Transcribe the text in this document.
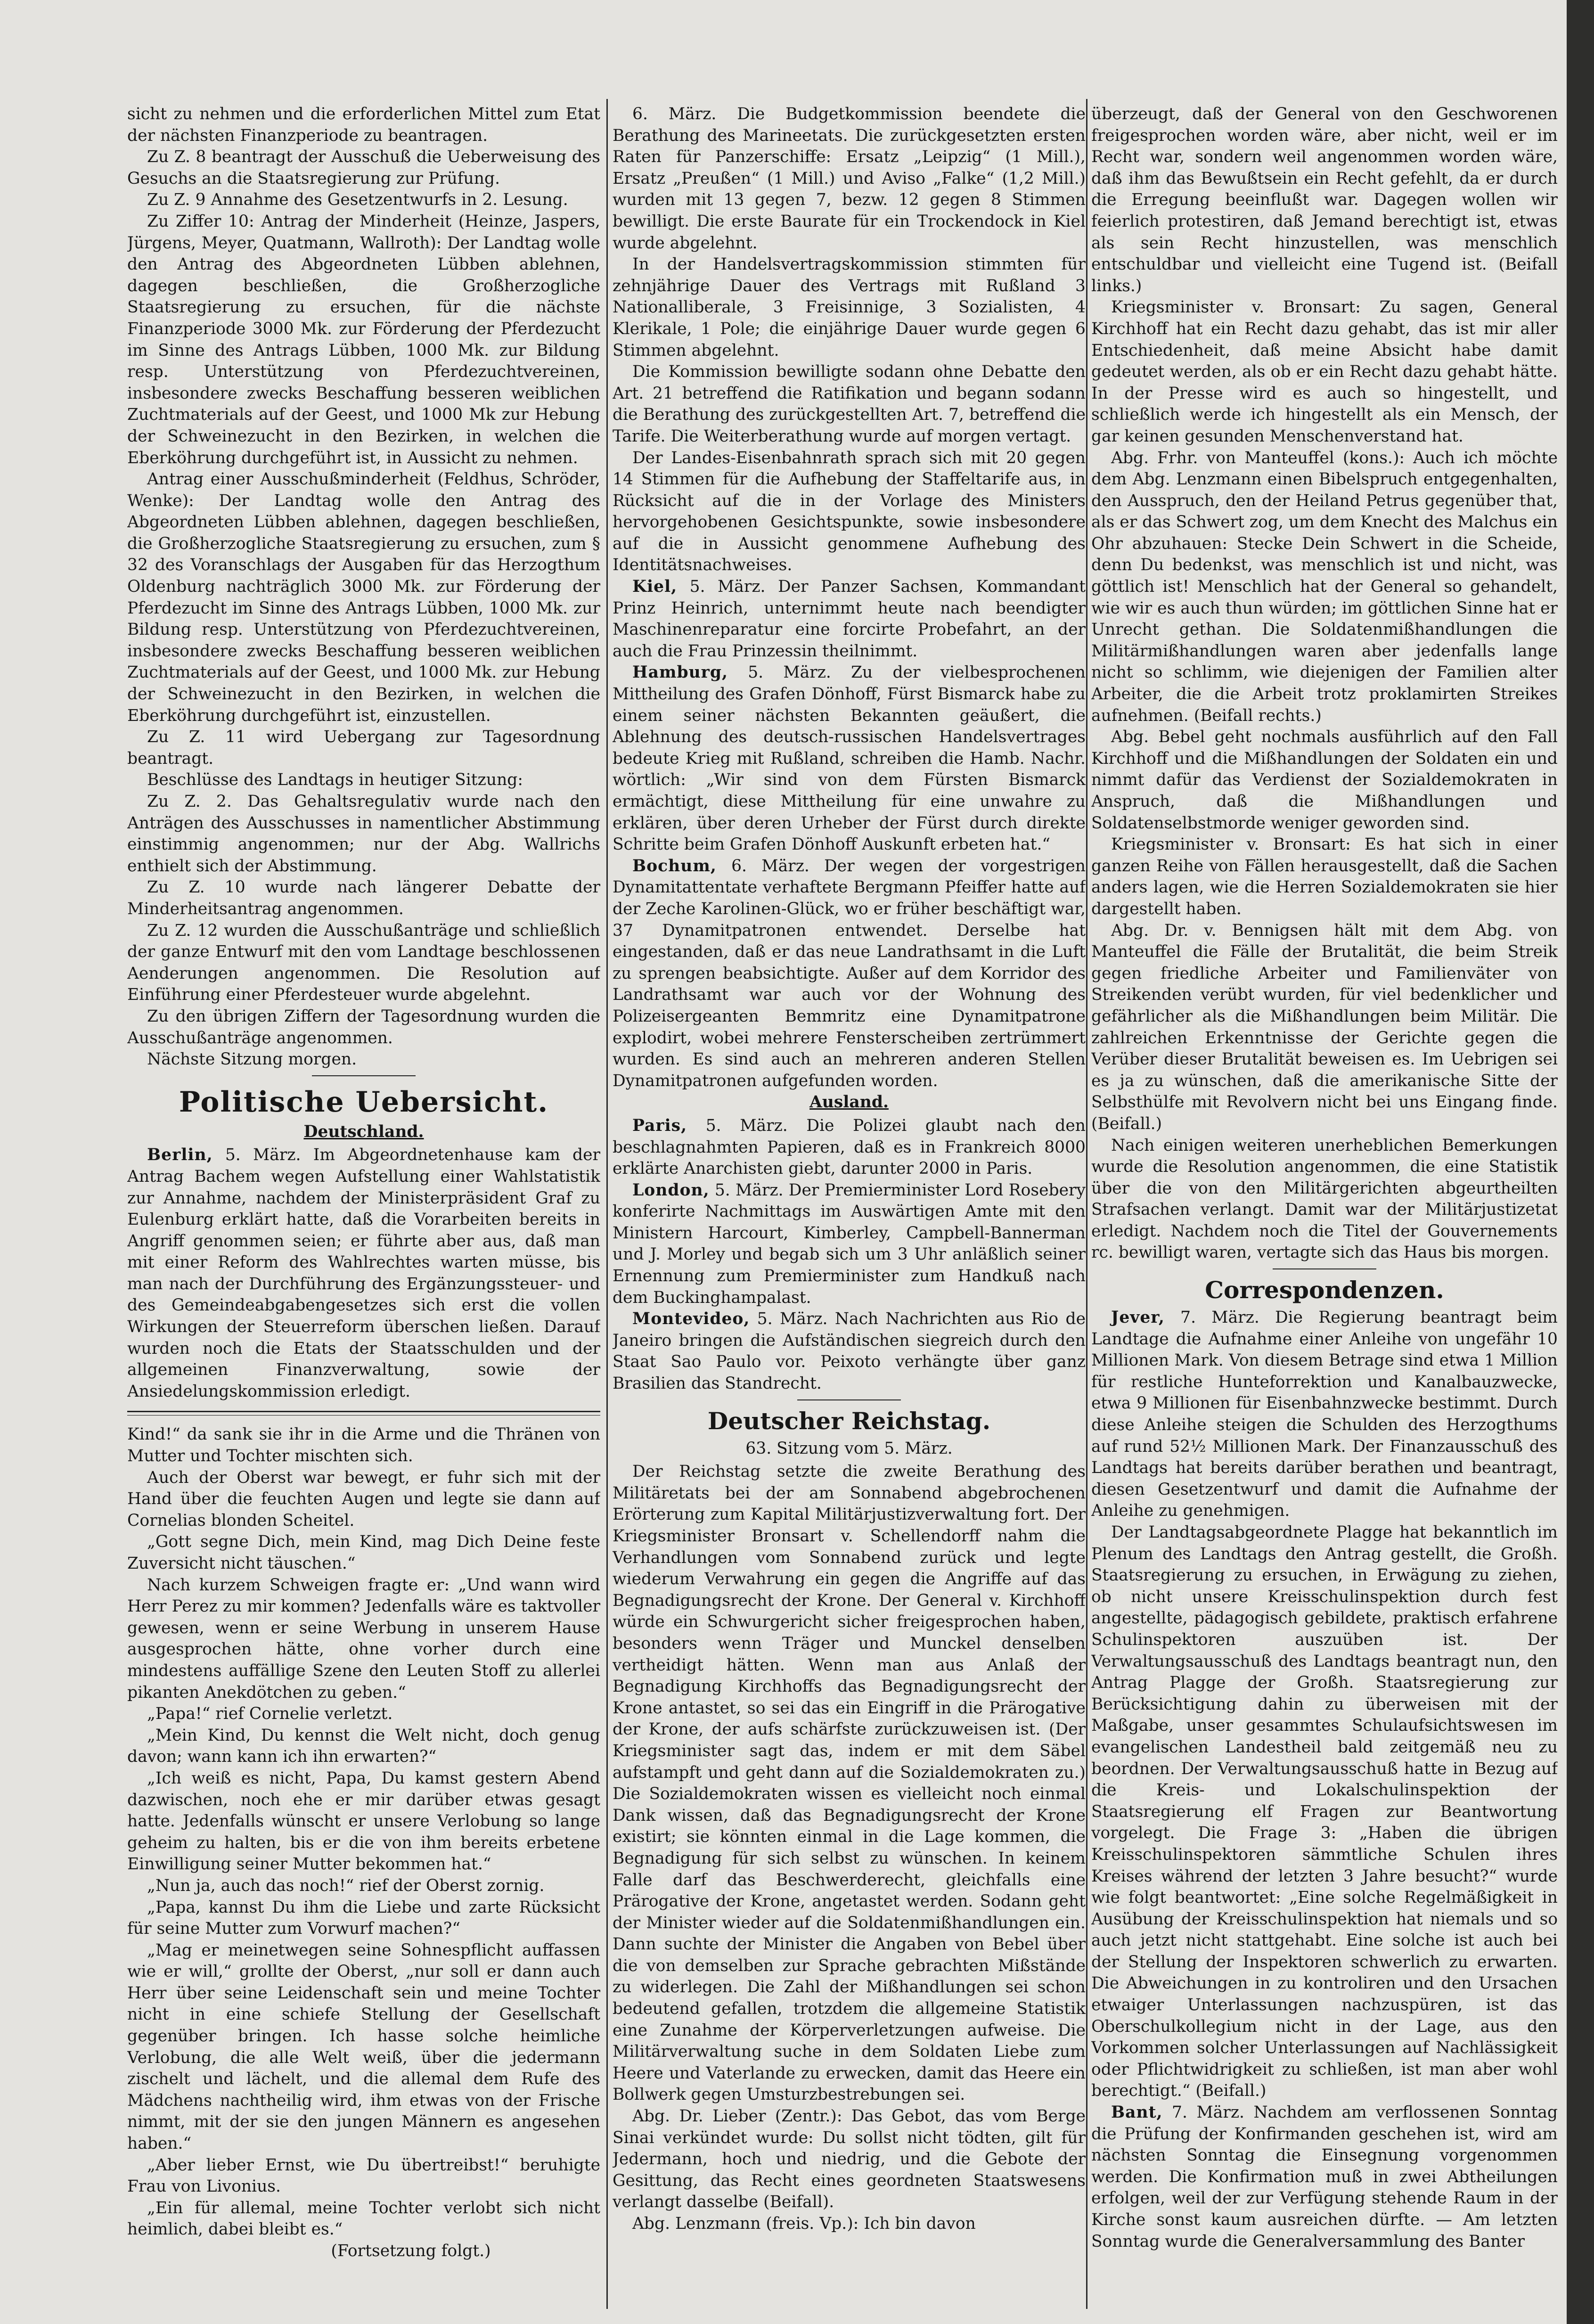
sicht zu nehmen und die erforderlichen Mittel zum Etat der nächsten Finanzperiode zu beantragen.

Zu Z. 8 beantragt der Ausschuß die Ueberweisung des Gesuchs an die Staatsregierung zur Prüfung.

Zu Z. 9 Annahme des Gesetzentwurfs in 2. Lesung.

Zu Ziffer 10: Antrag der Minderheit (Heinze, Jaspers, Jürgens, Meyer, Quatmann, Wallroth): Der Landtag wolle den Antrag des Abgeordneten Lübben ablehnen, dagegen beschließen, die Großherzogliche Staatsregierung zu ersuchen, für die nächste Finanzperiode 3000 Mk. zur Förderung der Pferdezucht im Sinne des Antrags Lübben, 1000 Mk. zur Bildung resp. Unterstützung von Pferdezuchtvereinen, insbesondere zwecks Beschaffung besseren weiblichen Zuchtmaterials auf der Geest, und 1000 Mk zur Hebung der Schweinezucht in den Bezirken, in welchen die Eberköhrung durchgeführt ist, in Aussicht zu nehmen.

Antrag einer Ausschußminderheit (Feldhus, Schröder, Wenke): Der Landtag wolle den Antrag des Abgeordneten Lübben ablehnen, dagegen beschließen, die Großherzogliche Staatsregierung zu ersuchen, zum § 32 des Voranschlags der Ausgaben für das Herzogthum Oldenburg nachträglich 3000 Mk. zur Förderung der Pferdezucht im Sinne des Antrags Lübben, 1000 Mk. zur Bildung resp. Unterstützung von Pferdezuchtvereinen, insbesondere zwecks Beschaffung besseren weiblichen Zuchtmaterials auf der Geest, und 1000 Mk. zur Hebung der Schweinezucht in den Bezirken, in welchen die Eberköhrung durchgeführt ist, einzustellen.

Zu Z. 11 wird Uebergang zur Tagesordnung beantragt.

Beschlüsse des Landtags in heutiger Sitzung:

Zu Z. 2. Das Gehaltsregulativ wurde nach den Anträgen des Ausschusses in namentlicher Abstimmung einstimmig angenommen; nur der Abg. Wallrichs enthielt sich der Abstimmung.

Zu Z. 10 wurde nach längerer Debatte der Minderheitsantrag angenommen.

Zu Z. 12 wurden die Ausschußanträge und schließlich der ganze Entwurf mit den vom Landtage beschlossenen Aenderungen angenommen. Die Resolution auf Einführung einer Pferdesteuer wurde abgelehnt.

Zu den übrigen Ziffern der Tagesordnung wurden die Ausschußanträge angenommen.

Nächste Sitzung morgen.

Politische Uebersicht.
Deutschland.

Berlin, 5. März. Im Abgeordnetenhause kam der Antrag Bachem wegen Aufstellung einer Wahlstatistik zur Annahme, nachdem der Ministerpräsident Graf zu Eulenburg erklärt hatte, daß die Vorarbeiten bereits in Angriff genommen seien; er führte aber aus, daß man mit einer Reform des Wahlrechtes warten müsse, bis man nach der Durchführung des Ergänzungssteuer- und des Gemeindeabgabengesetzes sich erst die vollen Wirkungen der Steuerreform überschen ließen. Darauf wurden noch die Etats der Staatsschulden und der allgemeinen Finanzverwaltung, sowie der Ansiedelungskommission erledigt.

Kind!“ da sank sie ihr in die Arme und die Thränen von Mutter und Tochter mischten sich.

Auch der Oberst war bewegt, er fuhr sich mit der Hand über die feuchten Augen und legte sie dann auf Cornelias blonden Scheitel.

„Gott segne Dich, mein Kind, mag Dich Deine feste Zuversicht nicht täuschen.“

Nach kurzem Schweigen fragte er: „Und wann wird Herr Perez zu mir kommen? Jedenfalls wäre es taktvoller gewesen, wenn er seine Werbung in unserem Hause ausgesprochen hätte, ohne vorher durch eine mindestens auffällige Szene den Leuten Stoff zu allerlei pikanten Anekdötchen zu geben.“

„Papa!“ rief Cornelie verletzt.

„Mein Kind, Du kennst die Welt nicht, doch genug davon; wann kann ich ihn erwarten?“

„Ich weiß es nicht, Papa, Du kamst gestern Abend dazwischen, noch ehe er mir darüber etwas gesagt hatte. Jedenfalls wünscht er unsere Verlobung so lange geheim zu halten, bis er die von ihm bereits erbetene Einwilligung seiner Mutter bekommen hat.“

„Nun ja, auch das noch!“ rief der Oberst zornig.

„Papa, kannst Du ihm die Liebe und zarte Rücksicht für seine Mutter zum Vorwurf machen?“

„Mag er meinetwegen seine Sohnespflicht auffassen wie er will,“ grollte der Oberst, „nur soll er dann auch Herr über seine Leidenschaft sein und meine Tochter nicht in eine schiefe Stellung der Gesellschaft gegenüber bringen. Ich hasse solche heimliche Verlobung, die alle Welt weiß, über die jedermann zischelt und lächelt, und die allemal dem Rufe des Mädchens nachtheilig wird, ihm etwas von der Frische nimmt, mit der sie den jungen Männern es angesehen haben.“

„Aber lieber Ernst, wie Du übertreibst!“ beruhigte Frau von Livonius.

„Ein für allemal, meine Tochter verlobt sich nicht heimlich, dabei bleibt es.“

(Fortsetzung folgt.)

6. März. Die Budgetkommission beendete die Berathung des Marineetats. Die zurückgesetzten ersten Raten für Panzerschiffe: Ersatz „Leipzig“ (1 Mill.), Ersatz „Preußen“ (1 Mill.) und Aviso „Falke“ (1,2 Mill.) wurden mit 13 gegen 7, bezw. 12 gegen 8 Stimmen bewilligt. Die erste Baurate für ein Trockendock in Kiel wurde abgelehnt.

In der Handelsvertragskommission stimmten für zehnjährige Dauer des Vertrags mit Rußland 3 Nationalliberale, 3 Freisinnige, 3 Sozialisten, 4 Klerikale, 1 Pole; die einjährige Dauer wurde gegen 6 Stimmen abgelehnt.

Die Kommission bewilligte sodann ohne Debatte den Art. 21 betreffend die Ratifikation und begann sodann die Berathung des zurückgestellten Art. 7, betreffend die Tarife. Die Weiterberathung wurde auf morgen vertagt.

Der Landes-Eisenbahnrath sprach sich mit 20 gegen 14 Stimmen für die Aufhebung der Staffeltarife aus, in Rücksicht auf die in der Vorlage des Ministers hervorgehobenen Gesichtspunkte, sowie insbesondere auf die in Aussicht genommene Aufhebung des Identitätsnachweises.

Kiel, 5. März. Der Panzer Sachsen, Kommandant Prinz Heinrich, unternimmt heute nach beendigter Maschinenreparatur eine forcirte Probefahrt, an der auch die Frau Prinzessin theilnimmt.

Hamburg, 5. März. Zu der vielbesprochenen Mittheilung des Grafen Dönhoff, Fürst Bismarck habe zu einem seiner nächsten Bekannten geäußert, die Ablehnung des deutsch-russischen Handelsvertrages bedeute Krieg mit Rußland, schreiben die Hamb. Nachr. wörtlich: „Wir sind von dem Fürsten Bismarck ermächtigt, diese Mittheilung für eine unwahre zu erklären, über deren Urheber der Fürst durch direkte Schritte beim Grafen Dönhoff Auskunft erbeten hat.“

Bochum, 6. März. Der wegen der vorgestrigen Dynamitattentate verhaftete Bergmann Pfeiffer hatte auf der Zeche Karolinen-Glück, wo er früher beschäftigt war, 37 Dynamitpatronen entwendet. Derselbe hat eingestanden, daß er das neue Landrathsamt in die Luft zu sprengen beabsichtigte. Außer auf dem Korridor des Landrathsamt war auch vor der Wohnung des Polizeisergeanten Bemmritz eine Dynamitpatrone explodirt, wobei mehrere Fensterscheiben zertrümmert wurden. Es sind auch an mehreren anderen Stellen Dynamitpatronen aufgefunden worden.

Ausland.

Paris, 5. März. Die Polizei glaubt nach den beschlagnahmten Papieren, daß es in Frankreich 8000 erklärte Anarchisten giebt, darunter 2000 in Paris.

London, 5. März. Der Premierminister Lord Rosebery konferirte Nachmittags im Auswärtigen Amte mit den Ministern Harcourt, Kimberley, Campbell-Bannerman und J. Morley und begab sich um 3 Uhr anläßlich seiner Ernennung zum Premierminister zum Handkuß nach dem Buckinghampalast.

Montevideo, 5. März. Nach Nachrichten aus Rio de Janeiro bringen die Aufständischen siegreich durch den Staat Sao Paulo vor. Peixoto verhängte über ganz Brasilien das Standrecht.

Deutscher Reichstag.
63. Sitzung vom 5. März.

Der Reichstag setzte die zweite Berathung des Militäretats bei der am Sonnabend abgebrochenen Erörterung zum Kapital Militärjustizverwaltung fort. Der Kriegsminister Bronsart v. Schellendorff nahm die Verhandlungen vom Sonnabend zurück und legte wiederum Verwahrung ein gegen die Angriffe auf das Begnadigungsrecht der Krone. Der General v. Kirchhoff würde ein Schwurgericht sicher freigesprochen haben, besonders wenn Träger und Munckel denselben vertheidigt hätten. Wenn man aus Anlaß der Begnadigung Kirchhoffs das Begnadigungsrecht der Krone antastet, so sei das ein Eingriff in die Prärogative der Krone, der aufs schärfste zurückzuweisen ist. (Der Kriegsminister sagt das, indem er mit dem Säbel aufstampft und geht dann auf die Sozialdemokraten zu.) Die Sozialdemokraten wissen es vielleicht noch einmal Dank wissen, daß das Begnadigungsrecht der Krone existirt; sie könnten einmal in die Lage kommen, die Begnadigung für sich selbst zu wünschen. In keinem Falle darf das Beschwerderecht, gleichfalls eine Prärogative der Krone, angetastet werden. Sodann geht der Minister wieder auf die Soldatenmißhandlungen ein. Dann suchte der Minister die Angaben von Bebel über die von demselben zur Sprache gebrachten Mißstände zu widerlegen. Die Zahl der Mißhandlungen sei schon bedeutend gefallen, trotzdem die allgemeine Statistik eine Zunahme der Körperverletzungen aufweise. Die Militärverwaltung suche in dem Soldaten Liebe zum Heere und Vaterlande zu erwecken, damit das Heere ein Bollwerk gegen Umsturzbestrebungen sei.

Abg. Dr. Lieber (Zentr.): Das Gebot, das vom Berge Sinai verkündet wurde: Du sollst nicht tödten, gilt für Jedermann, hoch und niedrig, und die Gebote der Gesittung, das Recht eines geordneten Staatswesens verlangt dasselbe (Beifall).

Abg. Lenzmann (freis. Vp.): Ich bin davon

überzeugt, daß der General von den Geschworenen freigesprochen worden wäre, aber nicht, weil er im Recht war, sondern weil angenommen worden wäre, daß ihm das Bewußtsein ein Recht gefehlt, da er durch die Erregung beeinflußt war. Dagegen wollen wir feierlich protestiren, daß Jemand berechtigt ist, etwas als sein Recht hinzustellen, was menschlich entschuldbar und vielleicht eine Tugend ist. (Beifall links.)

Kriegsminister v. Bronsart: Zu sagen, General Kirchhoff hat ein Recht dazu gehabt, das ist mir aller Entschiedenheit, daß meine Absicht habe damit gedeutet werden, als ob er ein Recht dazu gehabt hätte. In der Presse wird es auch so hingestellt, und schließlich werde ich hingestellt als ein Mensch, der gar keinen gesunden Menschenverstand hat.

Abg. Frhr. von Manteuffel (kons.): Auch ich möchte dem Abg. Lenzmann einen Bibelspruch entgegenhalten, den Ausspruch, den der Heiland Petrus gegenüber that, als er das Schwert zog, um dem Knecht des Malchus ein Ohr abzuhauen: Stecke Dein Schwert in die Scheide, denn Du bedenkst, was menschlich ist und nicht, was göttlich ist! Menschlich hat der General so gehandelt, wie wir es auch thun würden; im göttlichen Sinne hat er Unrecht gethan. Die Soldatenmißhandlungen die Militärmißhandlungen waren aber jedenfalls lange nicht so schlimm, wie diejenigen der Familien alter Arbeiter, die die Arbeit trotz proklamirten Streikes aufnehmen. (Beifall rechts.)

Abg. Bebel geht nochmals ausführlich auf den Fall Kirchhoff und die Mißhandlungen der Soldaten ein und nimmt dafür das Verdienst der Sozialdemokraten in Anspruch, daß die Mißhandlungen und Soldatenselbstmorde weniger geworden sind.

Kriegsminister v. Bronsart: Es hat sich in einer ganzen Reihe von Fällen herausgestellt, daß die Sachen anders lagen, wie die Herren Sozialdemokraten sie hier dargestellt haben.

Abg. Dr. v. Bennigsen hält mit dem Abg. von Manteuffel die Fälle der Brutalität, die beim Streik gegen friedliche Arbeiter und Familienväter von Streikenden verübt wurden, für viel bedenklicher und gefährlicher als die Mißhandlungen beim Militär. Die zahlreichen Erkenntnisse der Gerichte gegen die Verüber dieser Brutalität beweisen es. Im Uebrigen sei es ja zu wünschen, daß die amerikanische Sitte der Selbsthülfe mit Revolvern nicht bei uns Eingang finde. (Beifall.)

Nach einigen weiteren unerheblichen Bemerkungen wurde die Resolution angenommen, die eine Statistik über die von den Militärgerichten abgeurtheilten Strafsachen verlangt. Damit war der Militärjustizetat erledigt. Nachdem noch die Titel der Gouvernements rc. bewilligt waren, vertagte sich das Haus bis morgen.

Correspondenzen.

Jever, 7. März. Die Regierung beantragt beim Landtage die Aufnahme einer Anleihe von ungefähr 10 Millionen Mark. Von diesem Betrage sind etwa 1 Million für restliche Hunteforrektion und Kanalbauzwecke, etwa 9 Millionen für Eisenbahnzwecke bestimmt. Durch diese Anleihe steigen die Schulden des Herzogthums auf rund 52½ Millionen Mark. Der Finanzausschuß des Landtags hat bereits darüber berathen und beantragt, diesen Gesetzentwurf und damit die Aufnahme der Anleihe zu genehmigen.

Der Landtagsabgeordnete Plagge hat bekanntlich im Plenum des Landtags den Antrag gestellt, die Großh. Staatsregierung zu ersuchen, in Erwägung zu ziehen, ob nicht unsere Kreisschulinspektion durch fest angestellte, pädagogisch gebildete, praktisch erfahrene Schulinspektoren auszuüben ist. Der Verwaltungsausschuß des Landtags beantragt nun, den Antrag Plagge der Großh. Staatsregierung zur Berücksichtigung dahin zu überweisen mit der Maßgabe, unser gesammtes Schulaufsichtswesen im evangelischen Landestheil bald zeitgemäß neu zu beordnen. Der Verwaltungsausschuß hatte in Bezug auf die Kreis- und Lokalschulinspektion der Staatsregierung elf Fragen zur Beantwortung vorgelegt. Die Frage 3: „Haben die übrigen Kreisschulinspektoren sämmtliche Schulen ihres Kreises während der letzten 3 Jahre besucht?“ wurde wie folgt beantwortet: „Eine solche Regelmäßigkeit in Ausübung der Kreisschulinspektion hat niemals und so auch jetzt nicht stattgehabt. Eine solche ist auch bei der Stellung der Inspektoren schwerlich zu erwarten. Die Abweichungen in zu kontroliren und den Ursachen etwaiger Unterlassungen nachzuspüren, ist das Oberschulkollegium nicht in der Lage, aus den Vorkommen solcher Unterlassungen auf Nachlässigkeit oder Pflichtwidrigkeit zu schließen, ist man aber wohl berechtigt.“ (Beifall.)

Bant, 7. März. Nachdem am verflossenen Sonntag die Prüfung der Konfirmanden geschehen ist, wird am nächsten Sonntag die Einsegnung vorgenommen werden. Die Konfirmation muß in zwei Abtheilungen erfolgen, weil der zur Verfügung stehende Raum in der Kirche sonst kaum ausreichen dürfte. — Am letzten Sonntag wurde die Generalversammlung des Banter
